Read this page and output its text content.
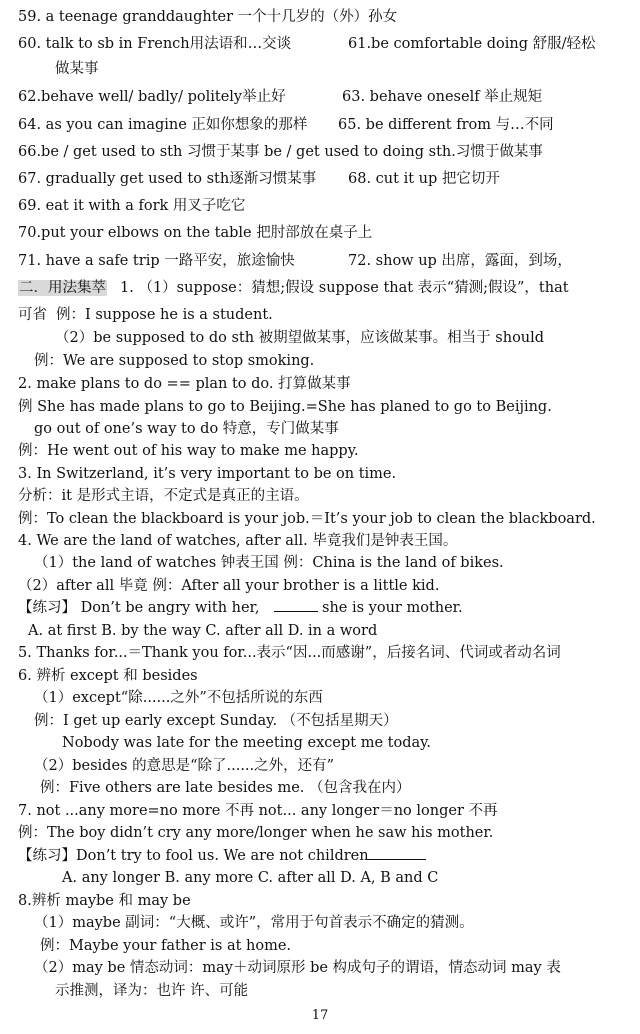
59. a teenage granddaughter 一个十几岁的（外）孙女
60. talk to sb in French用法语和…交谈	61.be comfortable doing 舒服/轻松
做某事
62.behave well/ badly/ politely举止好	63. behave oneself 举止规矩
64. as you can imagine 正如你想象的那样 65. be different from 与…不同
66.be / get used to sth 习惯于某事 be / get used to doing sth.习惯于做某事
67. gradually get used to sth逐渐习惯某事 68. cut it up 把它切开
69. eat it with a fork 用叉子吃它
70.put your elbows on the table 把肘部放在桌子上
71. have a safe trip 一路平安，旅途愉快	72. show up 出席，露面，到场，
二．用法集萃 1. （1）suppose：猜想;假设 suppose that 表示“猜测;假设”，that
可省 例：I suppose he is a student.
（2）be supposed to do sth 被期望做某事，应该做某事。相当于 should
例：We are supposed to stop smoking.
2. make plans to do == plan to do. 打算做某事
例 She has made plans to go to Beijing.=She has planed to go to Beijing.
go out of one’s way to do 特意，专门做某事
例：He went out of his way to make me happy.
3. In Switzerland, it’s very important to be on time.
分析：it 是形式主语，不定式是真正的主语。
例：To clean the blackboard is your job.＝It’s your job to clean the blackboard.
4. We are the land of watches, after all. 毕竟我们是钟表王国。
（1）the land of watches 钟表王国 例：China is the land of bikes.
（2）after all 毕竟 例：After all your brother is a little kid.
【练习】 Don’t be angry with her,	she is your mother.
A. at first B. by the way C. after all D. in a word
5. Thanks for...＝Thank you for...表示“因...而感谢”，后接名词、代词或者动名词
6. 辨析 except 和 besides
（1）except“除......之外”不包括所说的东西
例：I get up early except Sunday. （不包括星期天）
Nobody was late for the meeting except me today.
（2）besides 的意思是“除了......之外，还有”
例：Five others are late besides me. （包含我在内）
7. not ...any more=no more 不再 not... any longer＝no longer 不再
例：The boy didn’t cry any more/longer when he saw his mother.
【练习】Don’t try to fool us. We are not children
A. any longer B. any more C. after all D. A, B and C
8.辨析 maybe 和 may be
（1）maybe 副词：“大概、或许”，常用于句首表示不确定的猜测。
例：Maybe your father is at home.
（2）may be 情态动词：may＋动词原形 be 构成句子的谓语，情态动词 may 表
示推测，译为：也许 许、可能
17
